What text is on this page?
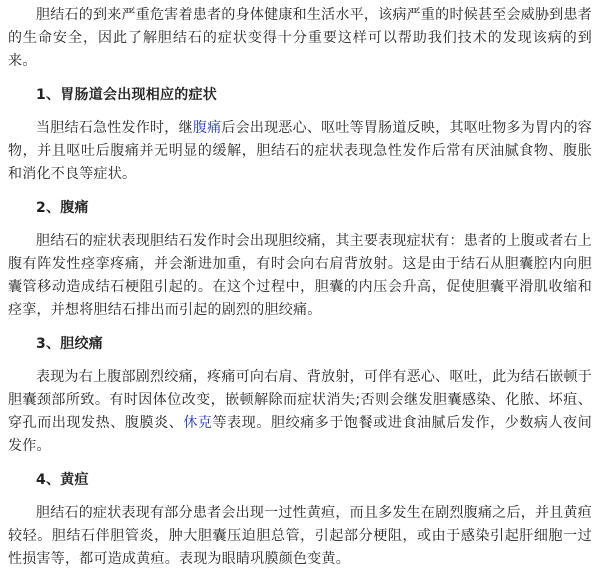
胆结石的到来严重危害着患者的身体健康和生活水平，该病严重的时候甚至会威胁到患者的生命安全，因此了解胆结石的症状变得十分重要这样可以帮助我们技术的发现该病的到来。

1、胃肠道会出现相应的症状

当胆结石急性发作时，继腹痛后会出现恶心、呕吐等胃肠道反映，其呕吐物多为胃内的容物，并且呕吐后腹痛并无明显的缓解，胆结石的症状表现急性发作后常有厌油腻食物、腹胀和消化不良等症状。

2、腹痛

胆结石的症状表现胆结石发作时会出现胆绞痛，其主要表现症状有：患者的上腹或者右上腹有阵发性痉挛疼痛，并会渐进加重，有时会向右肩背放射。这是由于结石从胆囊腔内向胆囊管移动造成结石梗阻引起的。在这个过程中，胆囊的内压会升高，促使胆囊平滑肌收缩和痉挛，并想将胆结石排出而引起的剧烈的胆绞痛。

3、胆绞痛

表现为右上腹部剧烈绞痛，疼痛可向右肩、背放射，可伴有恶心、呕吐，此为结石嵌顿于胆囊颈部所致。有时因体位改变，嵌顿解除而症状消失;否则会继发胆囊感染、化脓、坏疽、穿孔而出现发热、腹膜炎、休克等表现。胆绞痛多于饱餐或进食油腻后发作，少数病人夜间发作。

4、黄疸

胆结石的症状表现有部分患者会出现一过性黄疸，而且多发生在剧烈腹痛之后，并且黄疸较轻。胆结石伴胆管炎，肿大胆囊压迫胆总管，引起部分梗阻，或由于感染引起肝细胞一过性损害等，都可造成黄疸。表现为眼睛巩膜颜色变黄。
